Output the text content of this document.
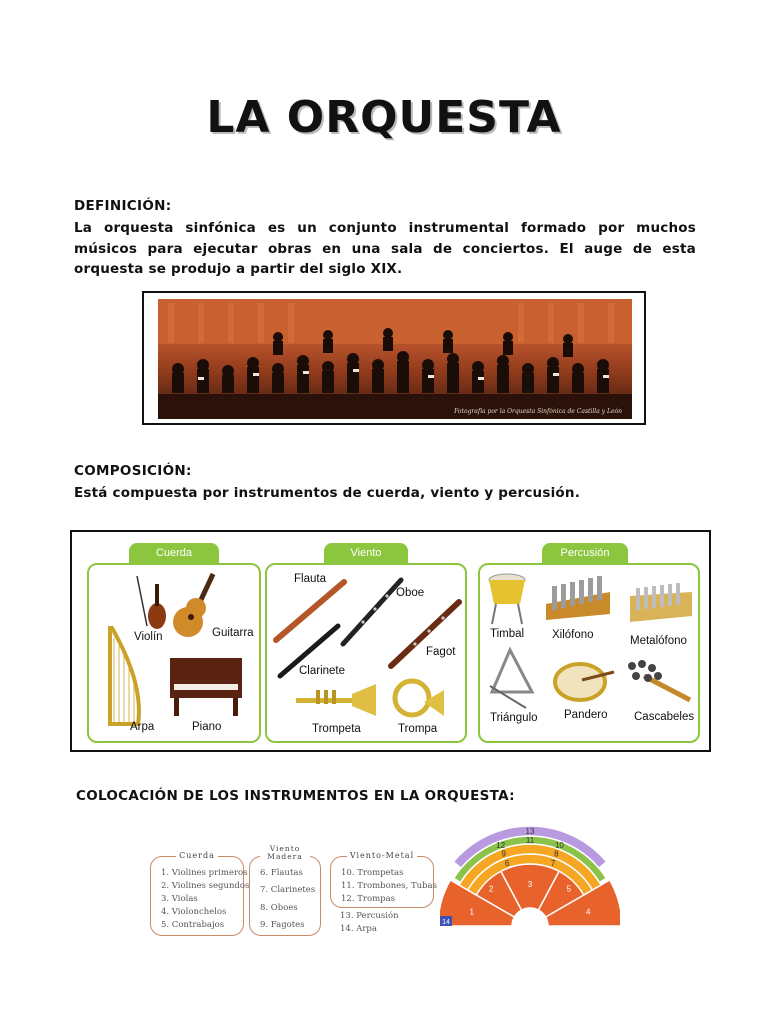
LA ORQUESTA
DEFINICIÓN:
La orquesta sinfónica es un conjunto instrumental formado por muchos músicos para ejecutar obras en una sala de conciertos. El auge de esta orquesta se produjo a partir del siglo XIX.
Fotografía por la Orquesta Sinfónica de Castilla y León
COMPOSICIÓN:
Está compuesta por instrumentos de cuerda, viento y percusión.
Cuerda
Violín	Guitarra
Arpa	Piano
Viento
Flauta
Oboe
Fagot
Clarinete
Trompeta	Trompa
Percusión
Timbal Xilófono	Metalófono
Triángulo Pandero Cascabeles
COLOCACIÓN DE LOS INSTRUMENTOS EN LA ORQUESTA:
Cuerda
1. Violines primeros
2. Violines segundos
3. Violas
4. Violonchelos
5. Contrabajos
Viento Madera
6. Flautas
7. Clarinetes
8. Oboes
9. Fagotes
Viento-Metal
10. Trompetas
11. Trombones, Tubas
12. Trompas
13. Percusión
14. Arpa
1
2	3
4
5
6	7
8
9
10
11
12
13
14
